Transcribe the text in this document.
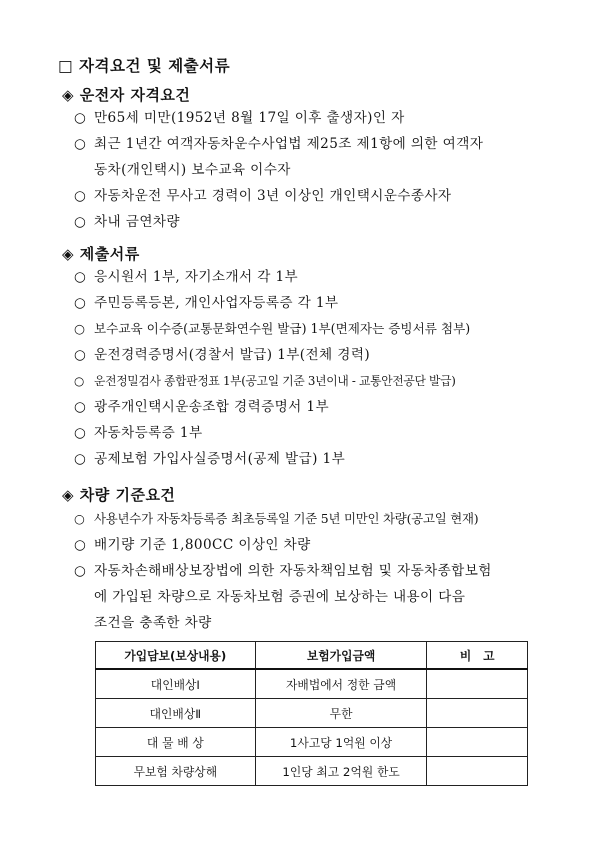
□ 자격요건 및 제출서류
◈ 운전자 자격요건
○ 만65세 미만(1952년 8월 17일 이후 출생자)인 자
○ 최근 1년간 여객자동차운수사업법 제25조 제1항에 의한 여객자
동차(개인택시) 보수교육 이수자
○ 자동차운전 무사고 경력이 3년 이상인 개인택시운수종사자
○ 차내 금연차량
◈ 제출서류
○ 응시원서 1부, 자기소개서 각 1부
○ 주민등록등본, 개인사업자등록증 각 1부
○ 보수교육 이수증(교통문화연수원 발급) 1부(면제자는 증빙서류 첨부)
○ 운전경력증명서(경찰서 발급) 1부(전체 경력)
○ 운전정밀검사 종합판정표 1부(공고일 기준 3년이내 - 교통안전공단 발급)
○ 광주개인택시운송조합 경력증명서 1부
○ 자동차등록증 1부
○ 공제보험 가입사실증명서(공제 발급) 1부
◈ 차량 기준요건
○ 사용년수가 자동차등록증 최초등록일 기준 5년 미만인 차량(공고일 현재)
○ 배기량 기준 1,800CC 이상인 차량
○ 자동차손해배상보장법에 의한 자동차책임보험 및 자동차종합보험
에 가입된 차량으로 자동차보험 증권에 보상하는 내용이 다음
조건을 충족한 차량
가입담보(보상내용)	보험가입금액	비　고
대인배상Ⅰ	자배법에서 정한 금액	
대인배상Ⅱ	무한	
대 물 배 상	1사고당 1억원 이상	
무보험 차량상해	1인당 최고 2억원 한도	
